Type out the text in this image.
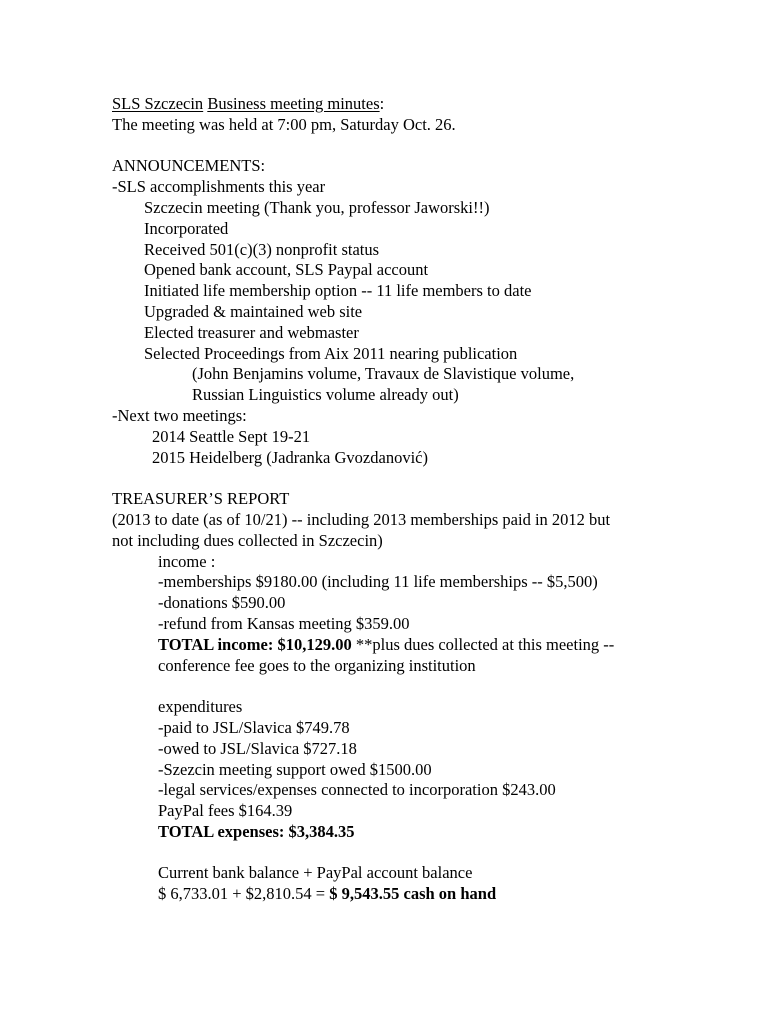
SLS Szczecin Business meeting minutes:
The meeting was held at 7:00 pm, Saturday Oct. 26.
ANNOUNCEMENTS:
-SLS accomplishments this year
Szczecin meeting (Thank you, professor Jaworski!!)
Incorporated
Received 501(c)(3) nonprofit status
Opened bank account, SLS Paypal account
Initiated life membership option -- 11 life members to date
Upgraded & maintained web site
Elected treasurer and webmaster
Selected Proceedings from Aix 2011 nearing publication
(John Benjamins volume, Travaux de Slavistique volume,
Russian Linguistics volume already out)
-Next two meetings:
2014 Seattle Sept 19-21
2015 Heidelberg (Jadranka Gvozdanović)
TREASURER’S REPORT
(2013 to date (as of 10/21) -- including 2013 memberships paid in 2012 but
not including dues collected in Szczecin)
income :
-memberships $9180.00 (including 11 life memberships -- $5,500)
-donations $590.00
-refund from Kansas meeting $359.00
TOTAL income: $10,129.00 **plus dues collected at this meeting --
conference fee goes to the organizing institution
expenditures
-paid to JSL/Slavica $749.78
-owed to JSL/Slavica $727.18
-Szezcin meeting support owed $1500.00
-legal services/expenses connected to incorporation $243.00
PayPal fees $164.39
TOTAL expenses: $3,384.35
Current bank balance + PayPal account balance
$ 6,733.01 + $2,810.54 = $ 9,543.55 cash on hand
